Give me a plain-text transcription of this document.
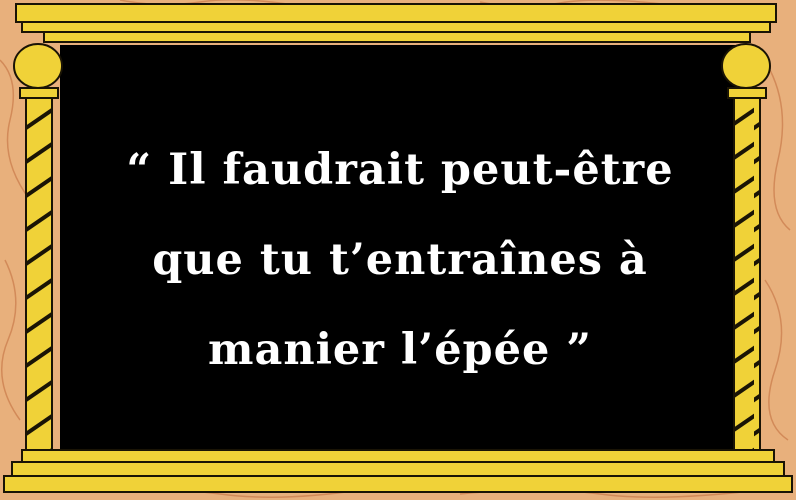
“ Il faudrait peut-être
que tu t’entraînes à
manier l’épée ”
